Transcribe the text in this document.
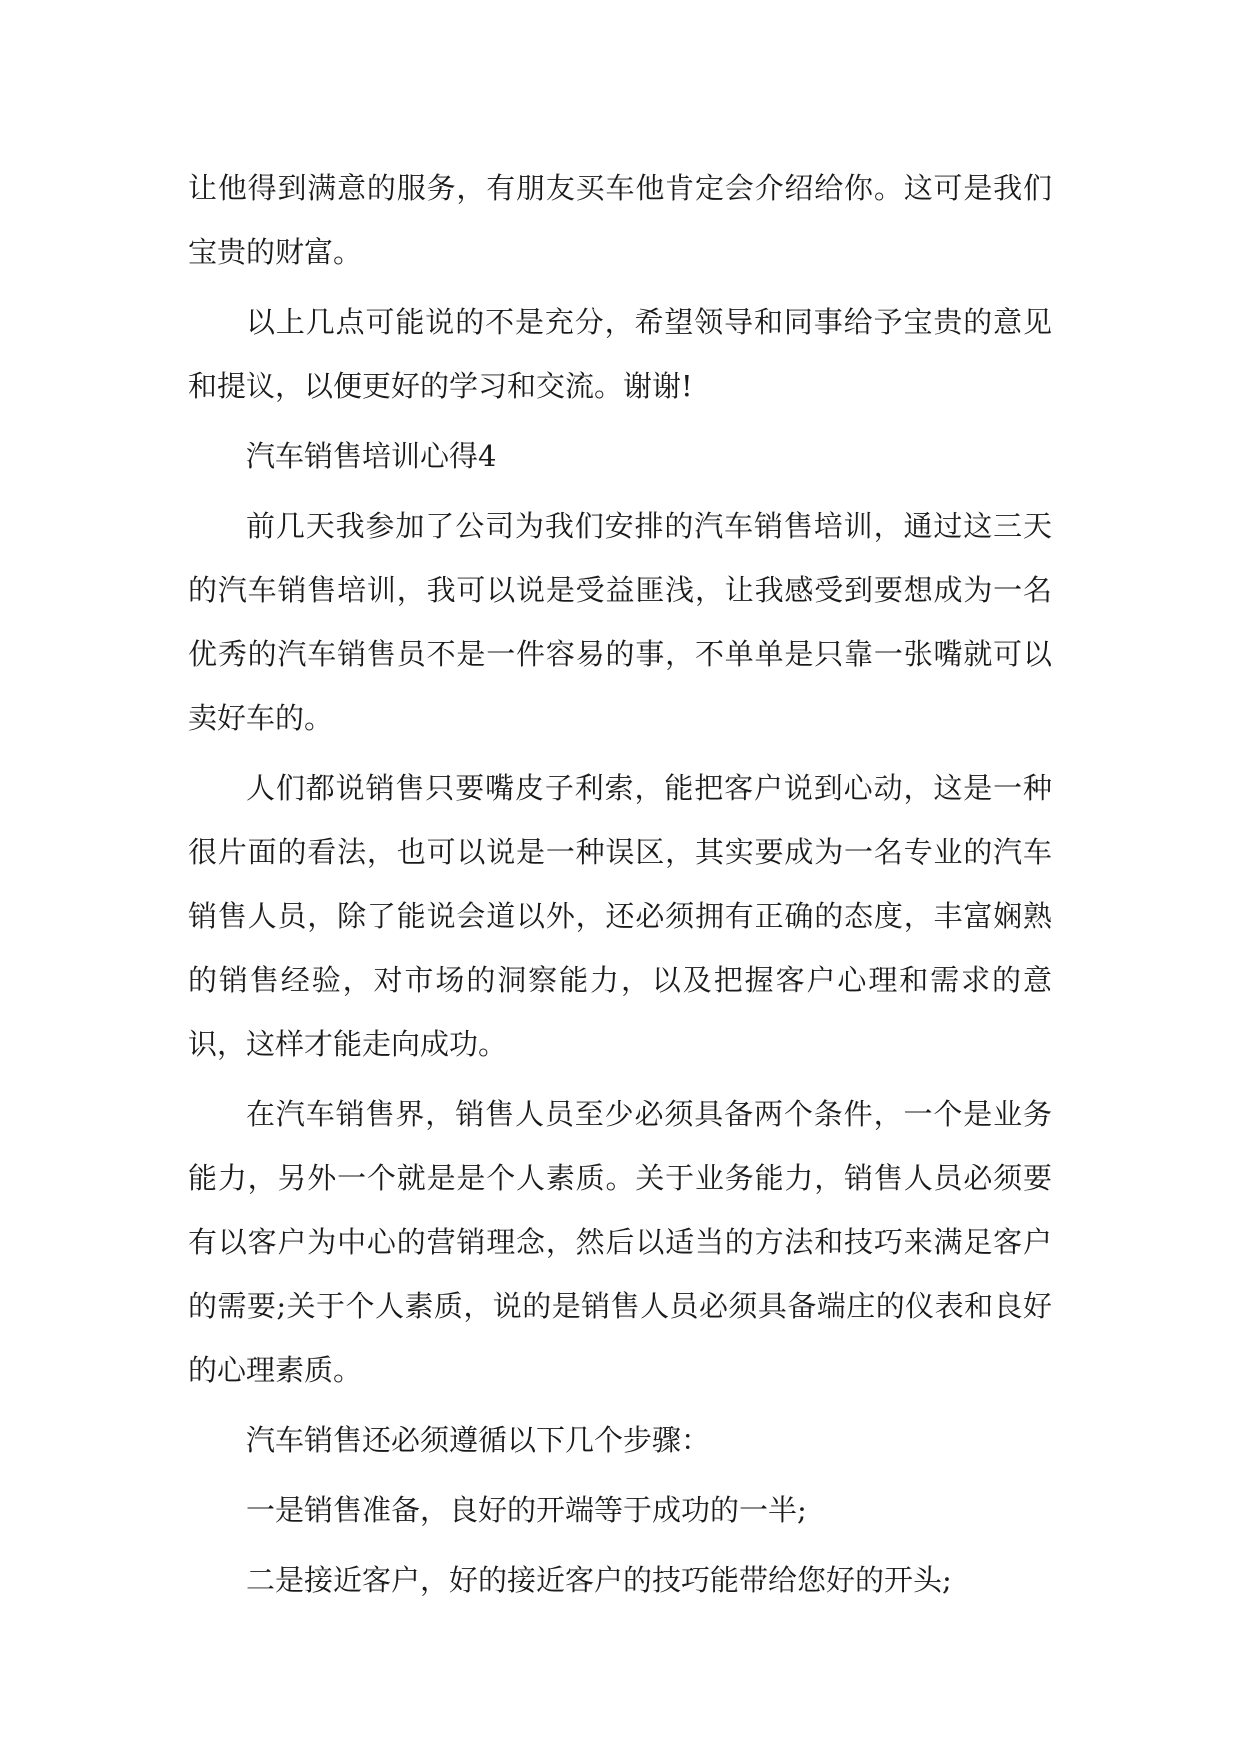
让他得到满意的服务，有朋友买车他肯定会介绍给你。这可是我们宝贵的财富。

以上几点可能说的不是充分，希望领导和同事给予宝贵的意见和提议，以便更好的学习和交流。谢谢!

汽车销售培训心得4

前几天我参加了公司为我们安排的汽车销售培训，通过这三天的汽车销售培训，我可以说是受益匪浅，让我感受到要想成为一名优秀的汽车销售员不是一件容易的事，不单单是只靠一张嘴就可以卖好车的。

人们都说销售只要嘴皮子利索，能把客户说到心动，这是一种很片面的看法，也可以说是一种误区，其实要成为一名专业的汽车销售人员，除了能说会道以外，还必须拥有正确的态度，丰富娴熟的销售经验，对市场的洞察能力，以及把握客户心理和需求的意识，这样才能走向成功。

在汽车销售界，销售人员至少必须具备两个条件，一个是业务能力，另外一个就是是个人素质。关于业务能力，销售人员必须要有以客户为中心的营销理念，然后以适当的方法和技巧来满足客户的需要;关于个人素质，说的是销售人员必须具备端庄的仪表和良好的心理素质。

汽车销售还必须遵循以下几个步骤：

一是销售准备，良好的开端等于成功的一半;

二是接近客户，好的接近客户的技巧能带给您好的开头;
